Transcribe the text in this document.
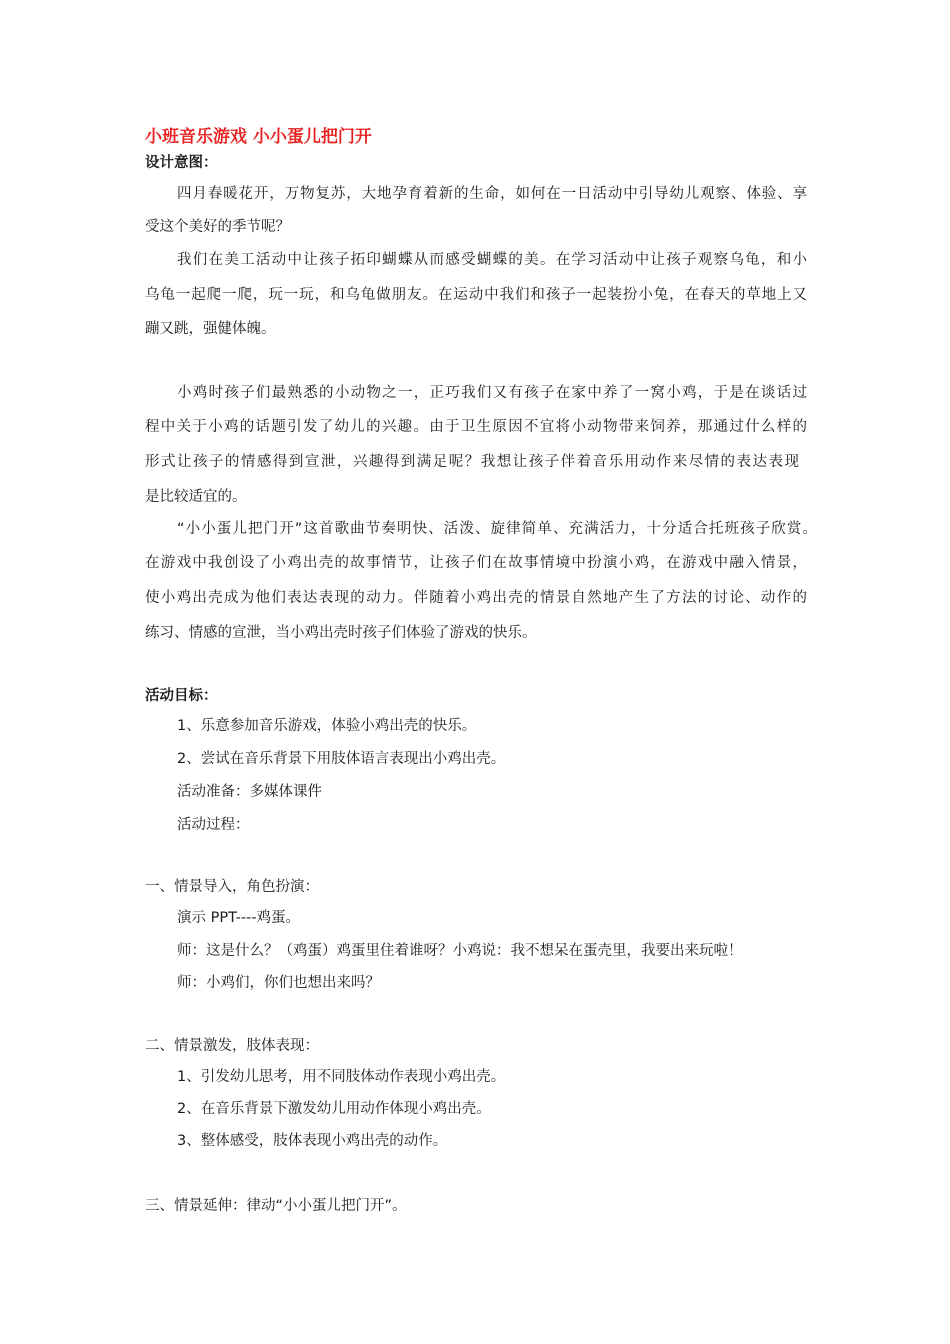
小班音乐游戏 小小蛋儿把门开
设计意图：
四月春暖花开，万物复苏，大地孕育着新的生命，如何在一日活动中引导幼儿观察、体验、享
受这个美好的季节呢？
我们在美工活动中让孩子拓印蝴蝶从而感受蝴蝶的美。在学习活动中让孩子观察乌龟，和小
乌龟一起爬一爬，玩一玩，和乌龟做朋友。在运动中我们和孩子一起装扮小兔，在春天的草地上又
蹦又跳，强健体魄。
小鸡时孩子们最熟悉的小动物之一，正巧我们又有孩子在家中养了一窝小鸡，于是在谈话过
程中关于小鸡的话题引发了幼儿的兴趣。由于卫生原因不宜将小动物带来饲养，那通过什么样的
形式让孩子的情感得到宣泄，兴趣得到满足呢？我想让孩子伴着音乐用动作来尽情的表达表现
是比较适宜的。
“小小蛋儿把门开”这首歌曲节奏明快、活泼、旋律简单、充满活力，十分适合托班孩子欣赏。
在游戏中我创设了小鸡出壳的故事情节，让孩子们在故事情境中扮演小鸡，在游戏中融入情景，
使小鸡出壳成为他们表达表现的动力。伴随着小鸡出壳的情景自然地产生了方法的讨论、动作的
练习、情感的宣泄，当小鸡出壳时孩子们体验了游戏的快乐。
活动目标：
1、乐意参加音乐游戏，体验小鸡出壳的快乐。
2、尝试在音乐背景下用肢体语言表现出小鸡出壳。
活动准备：多媒体课件
活动过程：
一、情景导入，角色扮演：
演示 PPT----鸡蛋。
师：这是什么？（鸡蛋）鸡蛋里住着谁呀？小鸡说：我不想呆在蛋壳里，我要出来玩啦！
师：小鸡们，你们也想出来吗？
二、情景激发，肢体表现：
1、引发幼儿思考，用不同肢体动作表现小鸡出壳。
2、在音乐背景下激发幼儿用动作体现小鸡出壳。
3、整体感受，肢体表现小鸡出壳的动作。
三、情景延伸：律动“小小蛋儿把门开”。
